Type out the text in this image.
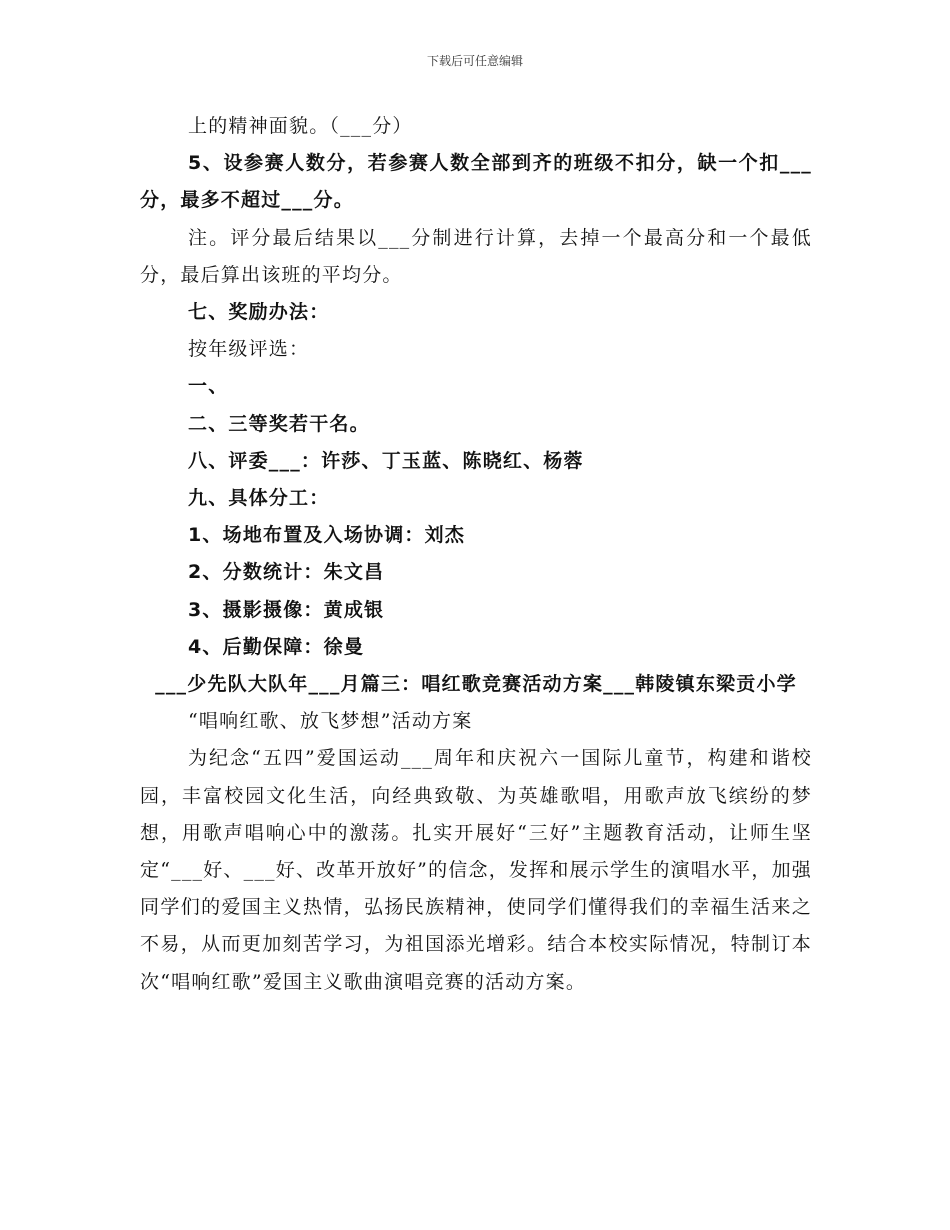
下载后可任意编辑

上的精神面貌。（___分）

5、设参赛人数分，若参赛人数全部到齐的班级不扣分，缺一个扣___分，最多不超过___分。

注。评分最后结果以___分制进行计算，去掉一个最高分和一个最低分，最后算出该班的平均分。

七、奖励办法：

按年级评选：

一、

二、三等奖若干名。

八、评委___：许莎、丁玉蓝、陈晓红、杨蓉

九、具体分工：

1、场地布置及入场协调：刘杰

2、分数统计：朱文昌

3、摄影摄像：黄成银

4、后勤保障：徐曼

___少先队大队年___月篇三：唱红歌竞赛活动方案___韩陵镇东梁贡小学

“唱响红歌、放飞梦想”活动方案

为纪念“五四”爱国运动___周年和庆祝六一国际儿童节，构建和谐校园，丰富校园文化生活，向经典致敬、为英雄歌唱，用歌声放飞缤纷的梦想，用歌声唱响心中的激荡。扎实开展好“三好”主题教育活动，让师生坚定“___好、___好、改革开放好”的信念，发挥和展示学生的演唱水平，加强同学们的爱国主义热情，弘扬民族精神，使同学们懂得我们的幸福生活来之不易，从而更加刻苦学习，为祖国添光增彩。结合本校实际情况，特制订本次“唱响红歌”爱国主义歌曲演唱竞赛的活动方案。
